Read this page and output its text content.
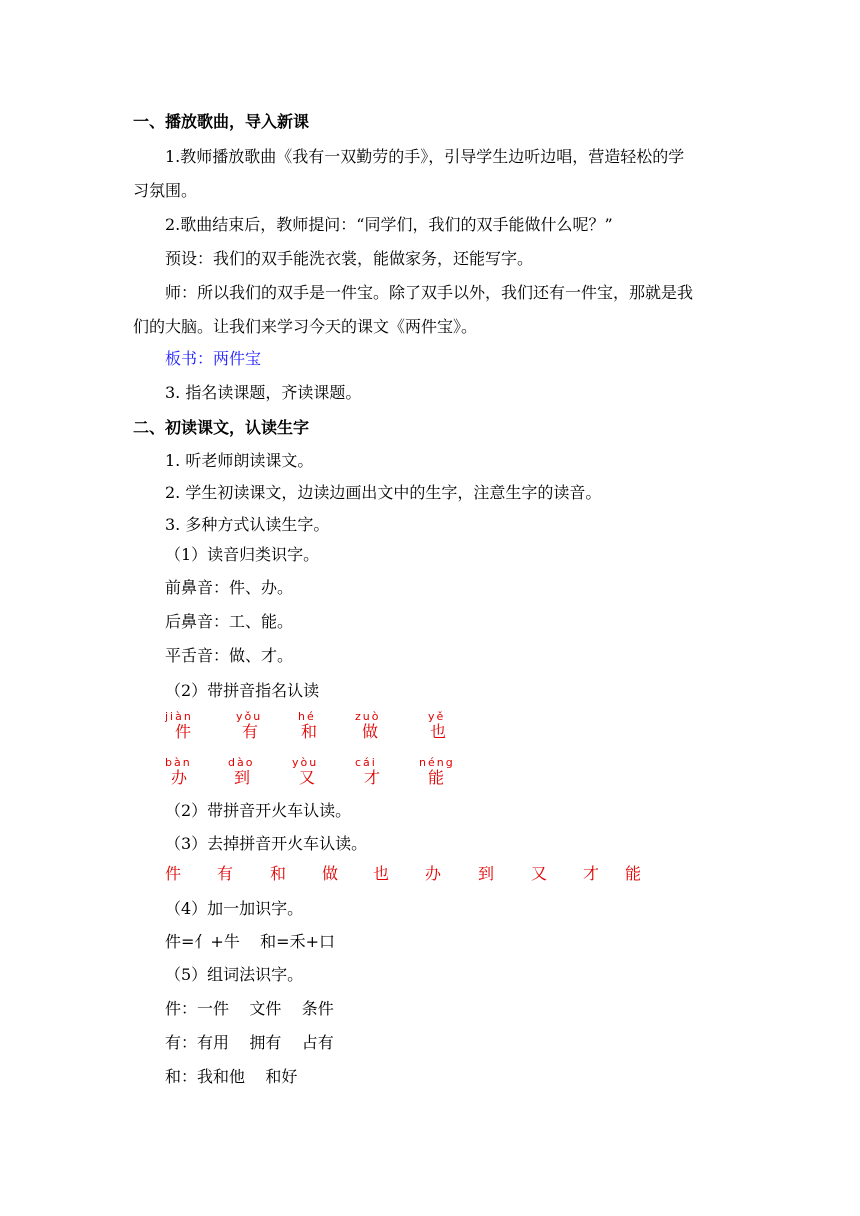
一、播放歌曲，导入新课
1.教师播放歌曲《我有一双勤劳的手》，引导学生边听边唱，营造轻松的学
习氛围。
2.歌曲结束后，教师提问：“同学们，我们的双手能做什么呢？”
预设：我们的双手能洗衣裳，能做家务，还能写字。
师：所以我们的双手是一件宝。除了双手以外，我们还有一件宝，那就是我
们的大脑。让我们来学习今天的课文《两件宝》。
板书：两件宝
3. 指名读课题，齐读课题。
二、初读课文，认读生字
1. 听老师朗读课文。
2. 学生初读课文，边读边画出文中的生字，注意生字的读音。
3. 多种方式认读生字。
（1）读音归类识字。
前鼻音：件、办。
后鼻音：工、能。
平舌音：做、才。
（2）带拼音指名认读
jiàn
件
yǒu
有
hé
和
zuò
做
yě
也
bàn
办
dào
到
yòu
又
cái
才
néng
能
（2）带拼音开火车认读。
（3）去掉拼音开火车认读。
件 有 和 做 也 办 到 又 才 能
（4）加一加识字。
件=亻+牛    和=禾+口
（5）组词法识字。
件：一件    文件    条件
有：有用    拥有    占有
和：我和他    和好
